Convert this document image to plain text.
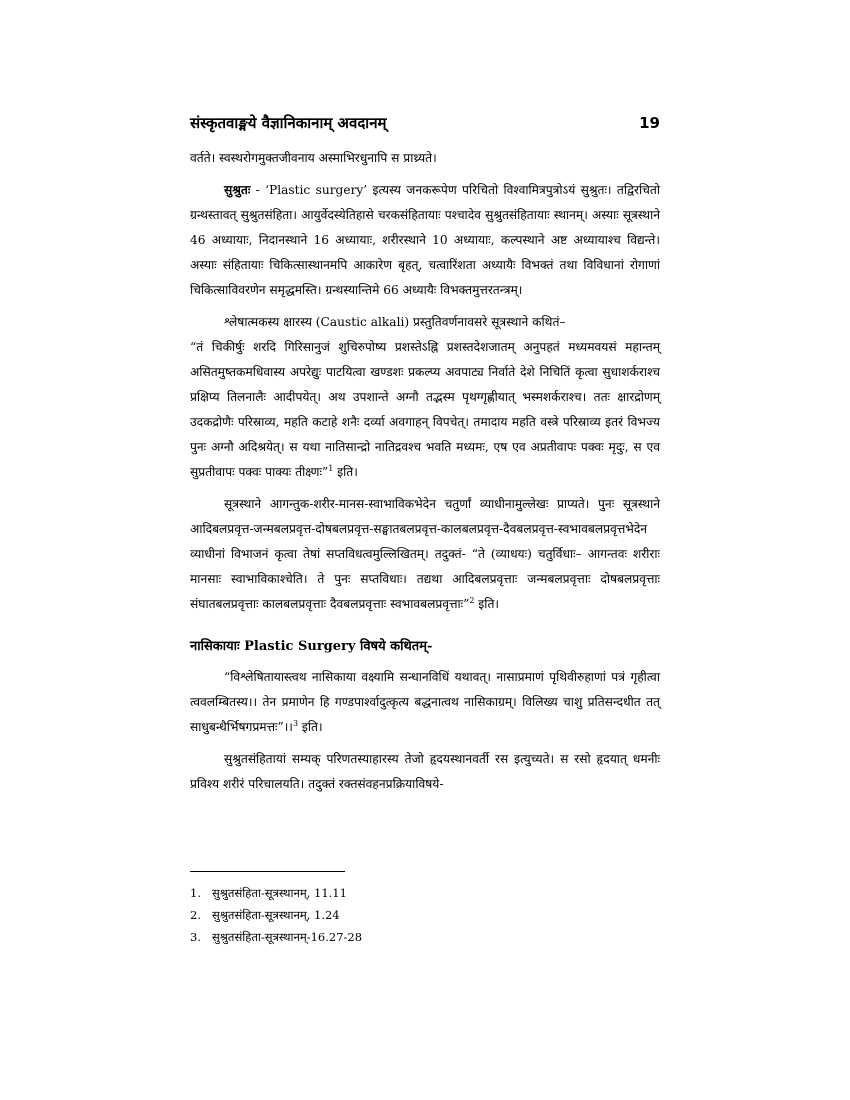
संस्कृतवाङ्मये वैज्ञानिकानाम् अवदानम्	19

वर्तते। स्वस्थरोगमुक्तजीवनाय अस्माभिरधुनापि स प्राथ्र्यते।

सुश्रुतः - ‘Plastic surgery’ इत्यस्य जनकरूपेण परिचितो विश्वामित्रपुत्रोऽयं सुश्रुतः। तद्विरचितो ग्रन्थस्तावत् सुश्रुतसंहिता। आयुर्वेदस्येतिहासे चरकसंहितायाः पश्चादेव सुश्रुतसंहितायाः स्थानम्। अस्याः सूत्रस्थाने 46 अध्यायाः, निदानस्थाने 16 अध्यायाः, शरीरस्थाने 10 अध्यायाः, कल्पस्थाने अष्ट अध्यायाश्च विद्यन्ते। अस्याः संहितायाः चिकित्सास्थानमपि आकारेण बृहत्, चत्वारिंशता अध्यायैः विभक्तं तथा विविधानां रोगाणां चिकित्साविवरणेन समृद्धमस्ति। ग्रन्थस्यान्तिमे 66 अध्यायैः विभक्तमुत्तरतन्त्रम्।

श्लेषात्मकस्य क्षारस्य (Caustic alkali) प्रस्तुतिवर्णनावसरे सूत्रस्थाने कथितं–

“तं चिकीर्षुः शरदि गिरिसानुजं शुचिरुपोष्य प्रशस्तेऽह्नि प्रशस्तदेशजातम् अनुपहतं मध्यमवयसं महान्तम् असितमुष्तकमधिवास्य अपरेद्युः पाटयित्वा खण्डशः प्रकल्प्य अवपाट्य निर्वाते देशे निचितिं कृत्वा सुधाशर्कराश्च प्रक्षिप्य तिलनालैः आदीपयेत्। अथ उपशान्ते अग्नौ तद्भस्म पृथग्गृह्णीयात् भस्मशर्कराश्च। ततः क्षारद्रोणम् उदकद्रोणैः परिस्राव्य, महति कटाहे शनैः दर्व्या अवगाहन् विपचेत्। तमादाय महति वस्त्रे परिस्राव्य इतरं विभज्य पुनः अग्नौ अदिश्रयेत्। स यथा नातिसान्द्रो नातिद्रवश्च भवति मध्यमः, एष एव अप्रतीवापः पक्वः मृदुः, स एव सुप्रतीवापः पक्वः पाक्यः तीक्ष्णः”$^1$ इति।

सूत्रस्थाने आगन्तुक-शरीर-मानस-स्वाभाविकभेदेन चतुर्णां व्याधीनामुल्लेखः प्राप्यते। पुनः सूत्रस्थाने आदिबलप्रवृत्त-जन्मबलप्रवृत्त-दोषबलप्रवृत्त-सङ्घातबलप्रवृत्त-कालबलप्रवृत्त-दैवबलप्रवृत्त-स्वभावबलप्रवृत्तभेदेन व्याधीनां विभाजनं कृत्वा तेषां सप्तविधत्वमुल्लिखितम्। तदुक्तं- “ते (व्याधयः) चतुर्विधाः– आगन्तवः शरीराः मानसाः स्वाभाविकाश्चेति। ते पुनः सप्तविधाः। तद्यथा आदिबलप्रवृत्ताः जन्मबलप्रवृत्ताः दोषबलप्रवृत्ताः संघातबलप्रवृत्ताः कालबलप्रवृत्ताः दैवबलप्रवृत्ताः स्वभावबलप्रवृत्ताः”$^2$ इति।

नासिकायाः Plastic Surgery विषये कथितम्-

“विश्लेषितायास्त्वथ नासिकाया वक्ष्यामि सन्धानविधिं यथावत्। नासाप्रमाणं पृथिवीरुहाणां पत्रं गृहीत्वा त्ववलम्बितस्य।। तेन प्रमाणेन हि गण्डपार्श्वादुत्कृत्य बद्धनात्वथ नासिकाग्रम्। विलिख्य चाशु प्रतिसन्दधीत तत् साधुबन्धैर्भिषगप्रमत्तः”।।$^3$ इति।

सुश्रुतसंहितायां सम्यक् परिणतस्याहारस्य तेजो हृदयस्थानवर्ती रस इत्युच्यते। स रसो हृदयात् धमनीः प्रविश्य शरीरं परिचालयति। तदुक्तं रक्तसंवहनप्रक्रियाविषये-

1. सुश्रुतसंहिता-सूत्रस्थानम्, 11.11
2. सुश्रुतसंहिता-सूत्रस्थानम्, 1.24
3. सुश्रुतसंहिता-सूत्रस्थानम्-16.27-28
